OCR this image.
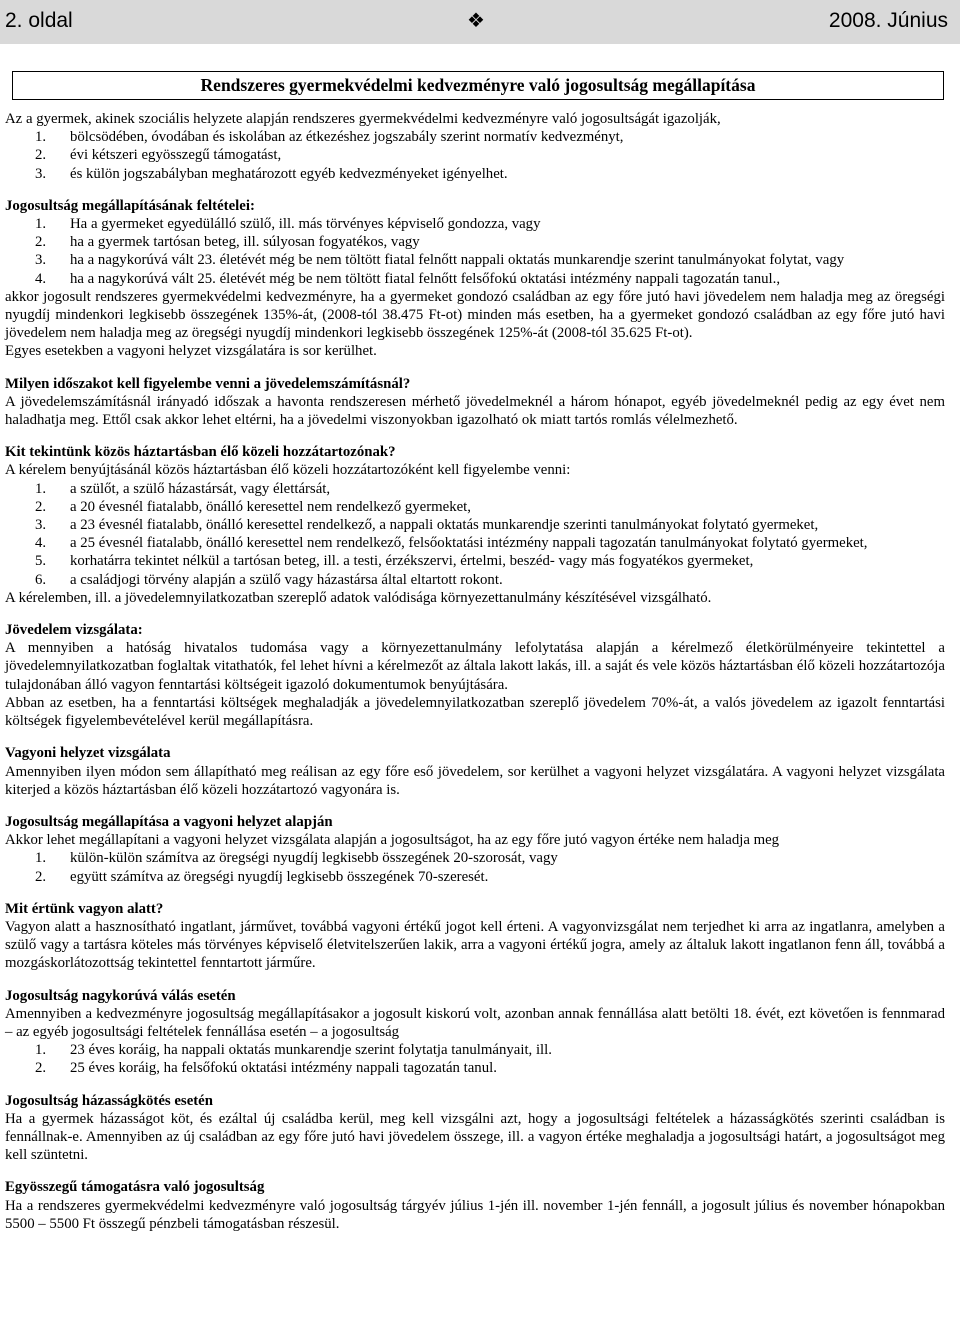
2. oldal	❖	2008. Június
Rendszeres gyermekvédelmi kedvezményre való jogosultság megállapítása

Az a gyermek, akinek szociális helyzete alapján rendszeres gyermekvédelmi kedvezményre való jogosultságát igazolják,

1.	bölcsödében, óvodában és iskolában az étkezéshez jogszabály szerint normatív kedvezményt,
2.	évi kétszeri egyösszegű támogatást,
3.	és külön jogszabályban meghatározott egyéb kedvezményeket igényelhet.

Jogosultság megállapításának feltételei:

1.	Ha a gyermeket egyedülálló szülő, ill. más törvényes képviselő gondozza, vagy
2.	ha a gyermek tartósan beteg, ill. súlyosan fogyatékos, vagy
3.	ha a nagykorúvá vált 23. életévét még be nem töltött fiatal felnőtt nappali oktatás munkarendje szerint tanulmányokat folytat, vagy
4.	ha a nagykorúvá vált 25. életévét még be nem töltött fiatal felnőtt felsőfokú oktatási intézmény nappali tagozatán tanul.,

akkor jogosult rendszeres gyermekvédelmi kedvezményre, ha a gyermeket gondozó családban az egy főre jutó havi jövedelem nem haladja meg az öregségi nyugdíj mindenkori legkisebb összegének 135%-át, (2008-tól 38.475 Ft-ot) minden más esetben, ha a gyermeket gondozó családban az egy főre jutó havi jövedelem nem haladja meg az öregségi nyugdíj mindenkori legkisebb összegének 125%-át (2008-tól 35.625 Ft-ot).

Egyes esetekben a vagyoni helyzet vizsgálatára is sor kerülhet.

Milyen időszakot kell figyelembe venni a jövedelemszámításnál?

A jövedelemszámításnál irányadó időszak a havonta rendszeresen mérhető jövedelmeknél a három hónapot, egyéb jövedelmeknél pedig az egy évet nem haladhatja meg. Ettől csak akkor lehet eltérni, ha a jövedelmi viszonyokban igazolható ok miatt tartós romlás vélelmezhető.

Kit tekintünk közös háztartásban élő közeli hozzátartozónak?

A kérelem benyújtásánál közös háztartásban élő közeli hozzátartozóként kell figyelembe venni:

1.	a szülőt, a szülő házastársát, vagy élettársát,
2.	a 20 évesnél fiatalabb, önálló keresettel nem rendelkező gyermeket,
3.	a 23 évesnél fiatalabb, önálló keresettel rendelkező, a nappali oktatás munkarendje szerinti tanulmányokat folytató gyermeket,
4.	a 25 évesnél fiatalabb, önálló keresettel nem rendelkező, felsőoktatási intézmény nappali tagozatán tanulmányokat folytató gyermeket,
5.	korhatárra tekintet nélkül a tartósan beteg, ill. a testi, érzékszervi, értelmi, beszéd- vagy más fogyatékos gyermeket,
6.	a családjogi törvény alapján a szülő vagy házastársa által eltartott rokont.

A kérelemben, ill. a jövedelemnyilatkozatban szereplő adatok valódisága környezettanulmány készítésével vizsgálható.

Jövedelem vizsgálata:

A mennyiben a hatóság hivatalos tudomása vagy a környezettanulmány lefolytatása alapján a kérelmező életkörülményeire tekintettel a jövedelemnyilatkozatban foglaltak vitathatók, fel lehet hívni a kérelmezőt az általa lakott lakás, ill. a saját és vele közös háztartásban élő közeli hozzátartozója tulajdonában álló vagyon fenntartási költségeit igazoló dokumentumok benyújtására.

Abban az esetben, ha a fenntartási költségek meghaladják a jövedelemnyilatkozatban szereplő jövedelem 70%-át, a valós jövedelem az igazolt fenntartási költségek figyelembevételével kerül megállapításra.

Vagyoni helyzet vizsgálata

Amennyiben ilyen módon sem állapítható meg reálisan az egy főre eső jövedelem, sor kerülhet a vagyoni helyzet vizsgálatára. A vagyoni helyzet vizsgálata kiterjed a közös háztartásban élő közeli hozzátartozó vagyonára is.

Jogosultság megállapítása a vagyoni helyzet alapján

Akkor lehet megállapítani a vagyoni helyzet vizsgálata alapján a jogosultságot, ha az egy főre jutó vagyon értéke nem haladja meg

1.	külön-külön számítva az öregségi nyugdíj legkisebb összegének 20-szorosát, vagy
2.	együtt számítva az öregségi nyugdíj legkisebb összegének 70-szeresét.

Mit értünk vagyon alatt?

Vagyon alatt a hasznosítható ingatlant, járművet, továbbá vagyoni értékű jogot kell érteni. A vagyonvizsgálat nem terjedhet ki arra az ingatlanra, amelyben a szülő vagy a tartásra köteles más törvényes képviselő életvitelszerűen lakik, arra a vagyoni értékű jogra, amely az általuk lakott ingatlanon fenn áll, továbbá a mozgáskorlátozottság tekintettel fenntartott járműre.

Jogosultság nagykorúvá válás esetén

Amennyiben a kedvezményre jogosultság megállapításakor a jogosult kiskorú volt, azonban annak fennállása alatt betölti 18. évét, ezt követően is fennmarad – az egyéb jogosultsági feltételek fennállása esetén – a jogosultság

1.	23 éves koráig, ha nappali oktatás munkarendje szerint folytatja tanulmányait, ill.
2.	25 éves koráig, ha felsőfokú oktatási intézmény nappali tagozatán tanul.

Jogosultság házasságkötés esetén

Ha a gyermek házasságot köt, és ezáltal új családba kerül, meg kell vizsgálni azt, hogy a jogosultsági feltételek a házasságkötés szerinti családban is fennállnak-e. Amennyiben az új családban az egy főre jutó havi jövedelem összege, ill. a vagyon értéke meghaladja a jogosultsági határt, a jogosultságot meg kell szüntetni.

Egyösszegű támogatásra való jogosultság

Ha a rendszeres gyermekvédelmi kedvezményre való jogosultság tárgyév július 1-jén ill. november 1-jén fennáll, a jogosult július és november hónapokban 5500 – 5500 Ft összegű pénzbeli támogatásban részesül.
